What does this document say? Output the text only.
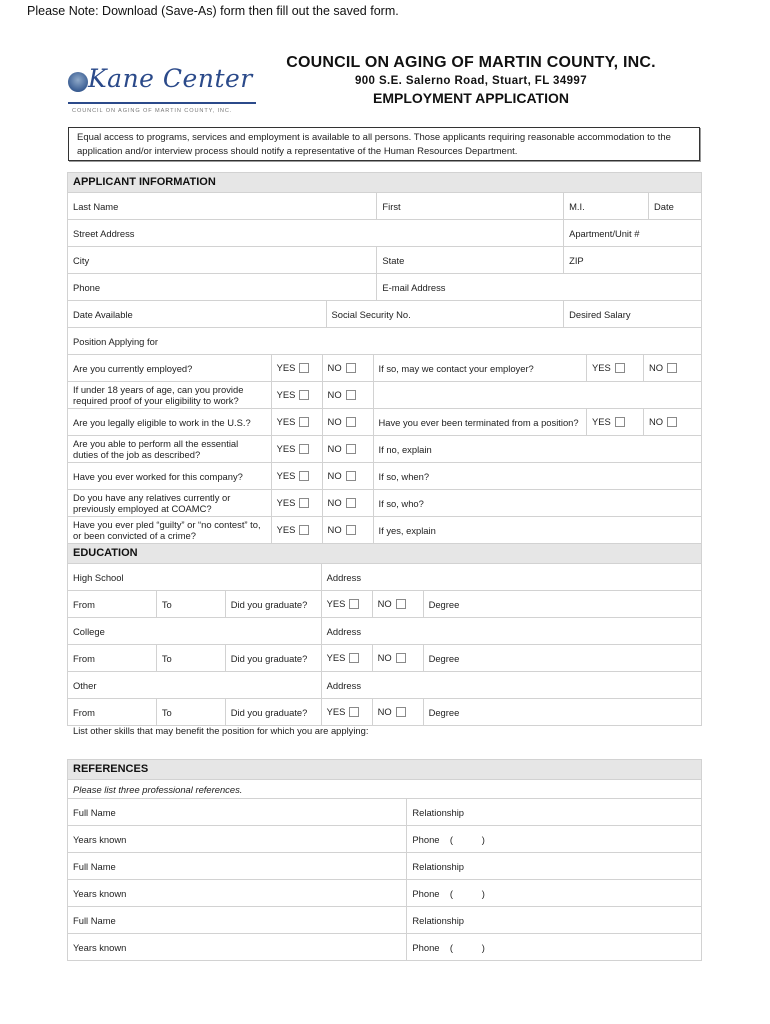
Please Note: Download (Save-As) form then fill out the saved form.
Kane Center
COUNCIL ON AGING OF MARTIN COUNTY, INC.
COUNCIL ON AGING OF MARTIN COUNTY, INC.
900 S.E. Salerno Road, Stuart, FL 34997
EMPLOYMENT APPLICATION
Equal access to programs, services and employment is available to all persons. Those applicants requiring reasonable accommodation to the application and/or interview process should notify a representative of the Human Resources Department.
APPLICANT INFORMATION				
Last Name		First	M.I.	Date
Street Address			Apartment/Unit #	
City		State	ZIP	
Phone		E-mail Address		
Date Available	Social Security No.		Desired Salary	
Position Applying for				
Are you currently employed?	YES	NO	If so, may we contact your employer?	YES	NO
If under 18 years of age, can you provide required proof of your eligibility to work?	YES	NO			
Are you legally eligible to work in the U.S.?	YES	NO	Have you ever been terminated from a position?	YES	NO
Are you able to perform all the essential duties of the job as described?	YES	NO	If no, explain		
Have you ever worked for this company?	YES	NO	If so, when?		
Do you have any relatives currently or previously employed at COAMC?	YES	NO	If so, who?		
Have you ever pled “guilty” or “no contest” to, or been convicted of a crime?	YES	NO	If yes, explain		
EDUCATION					
High School			Address		
From	To	Did you graduate?	YES	NO	Degree
College			Address		
From	To	Did you graduate?	YES	NO	Degree
Other			Address		
From	To	Did you graduate?	YES	NO	Degree
List other skills that may benefit the position for which you are applying:
REFERENCES	
Please list three professional references.	
Full Name	Relationship
Years known	Phone    (           )
Full Name	Relationship
Years known	Phone    (           )
Full Name	Relationship
Years known	Phone    (           )
